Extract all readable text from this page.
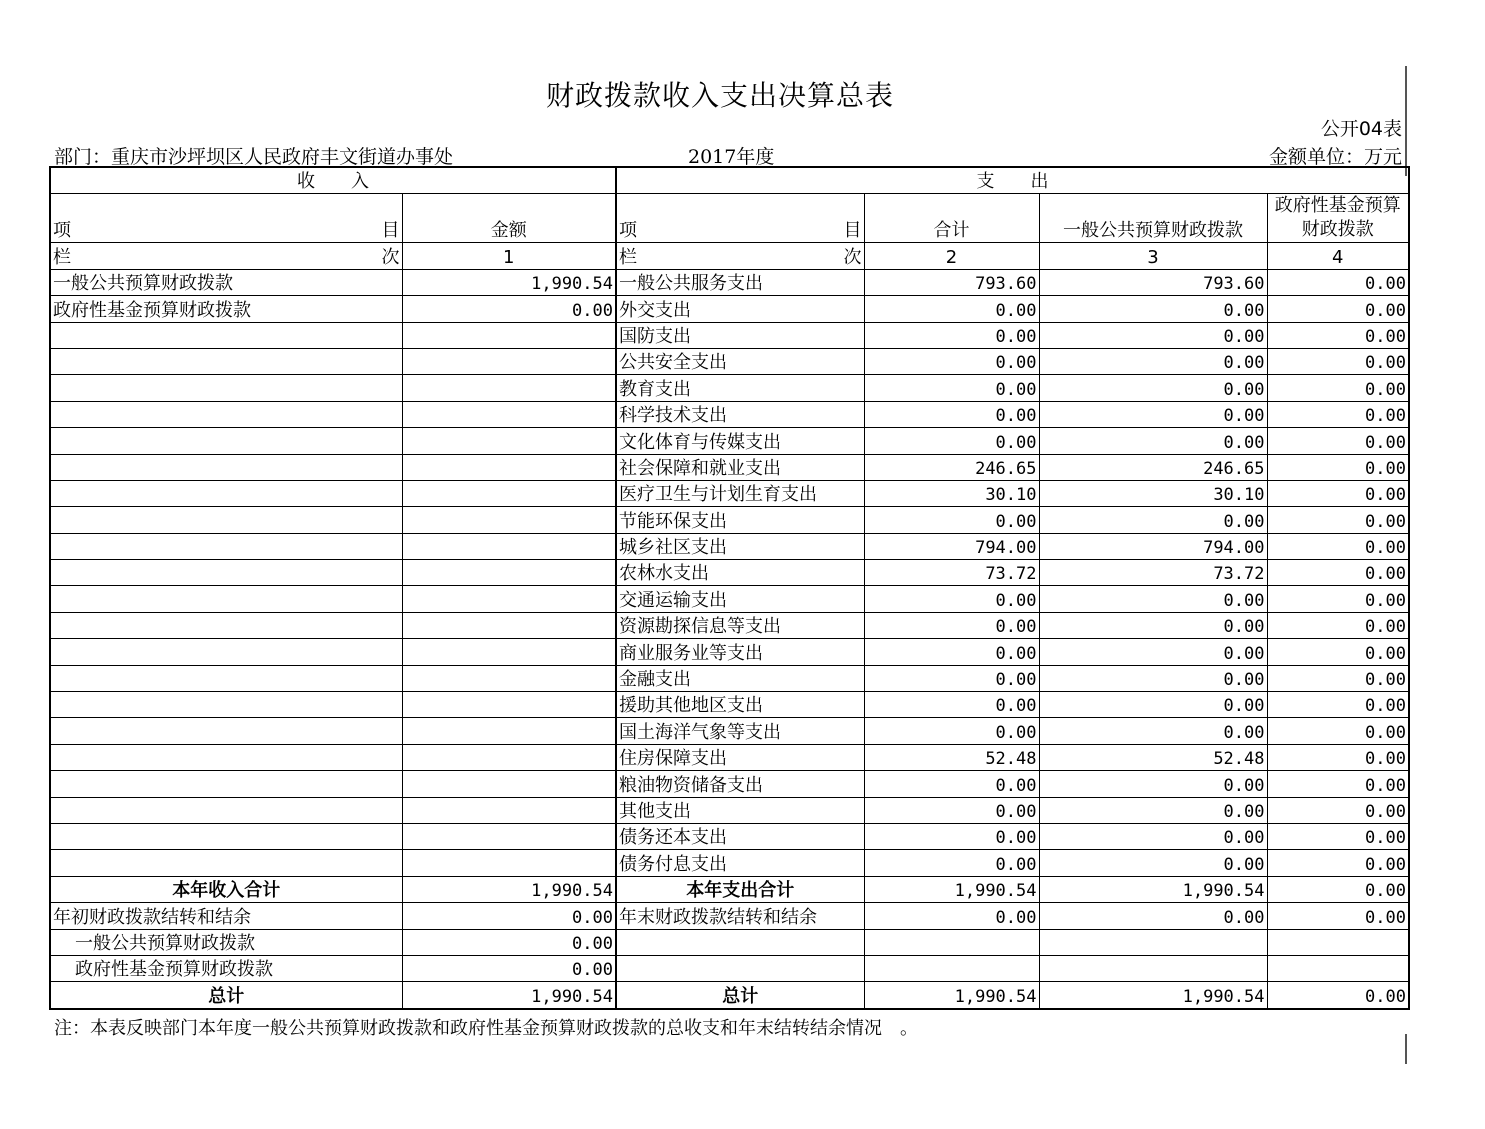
财政拨款收入支出决算总表
公开04表
部门：重庆市沙坪坝区人民政府丰文街道办事处	2017年度	金额单位：万元
收　　入		支　　出			

项 目	金额	项 目	合计	一般公共预算财政拨款	政府性基金预算财政拨款

栏 次	1	栏 次	2	3	4
一般公共预算财政拨款	1,990.54	一般公共服务支出	793.60	793.60	0.00
政府性基金预算财政拨款	0.00	外交支出	0.00	0.00	0.00
		国防支出	0.00	0.00	0.00
		公共安全支出	0.00	0.00	0.00
		教育支出	0.00	0.00	0.00
		科学技术支出	0.00	0.00	0.00
		文化体育与传媒支出	0.00	0.00	0.00
		社会保障和就业支出	246.65	246.65	0.00
		医疗卫生与计划生育支出	30.10	30.10	0.00
		节能环保支出	0.00	0.00	0.00
		城乡社区支出	794.00	794.00	0.00
		农林水支出	73.72	73.72	0.00
		交通运输支出	0.00	0.00	0.00
		资源勘探信息等支出	0.00	0.00	0.00
		商业服务业等支出	0.00	0.00	0.00
		金融支出	0.00	0.00	0.00
		援助其他地区支出	0.00	0.00	0.00
		国土海洋气象等支出	0.00	0.00	0.00
		住房保障支出	52.48	52.48	0.00
		粮油物资储备支出	0.00	0.00	0.00
		其他支出	0.00	0.00	0.00
		债务还本支出	0.00	0.00	0.00
		债务付息支出	0.00	0.00	0.00
本年收入合计	1,990.54	本年支出合计	1,990.54	1,990.54	0.00
年初财政拨款结转和结余	0.00	年末财政拨款结转和结余	0.00	0.00	0.00
一般公共预算财政拨款	0.00				
政府性基金预算财政拨款	0.00				
总计	1,990.54	总计	1,990.54	1,990.54	0.00
注：本表反映部门本年度一般公共预算财政拨款和政府性基金预算财政拨款的总收支和年末结转结余情况　。
